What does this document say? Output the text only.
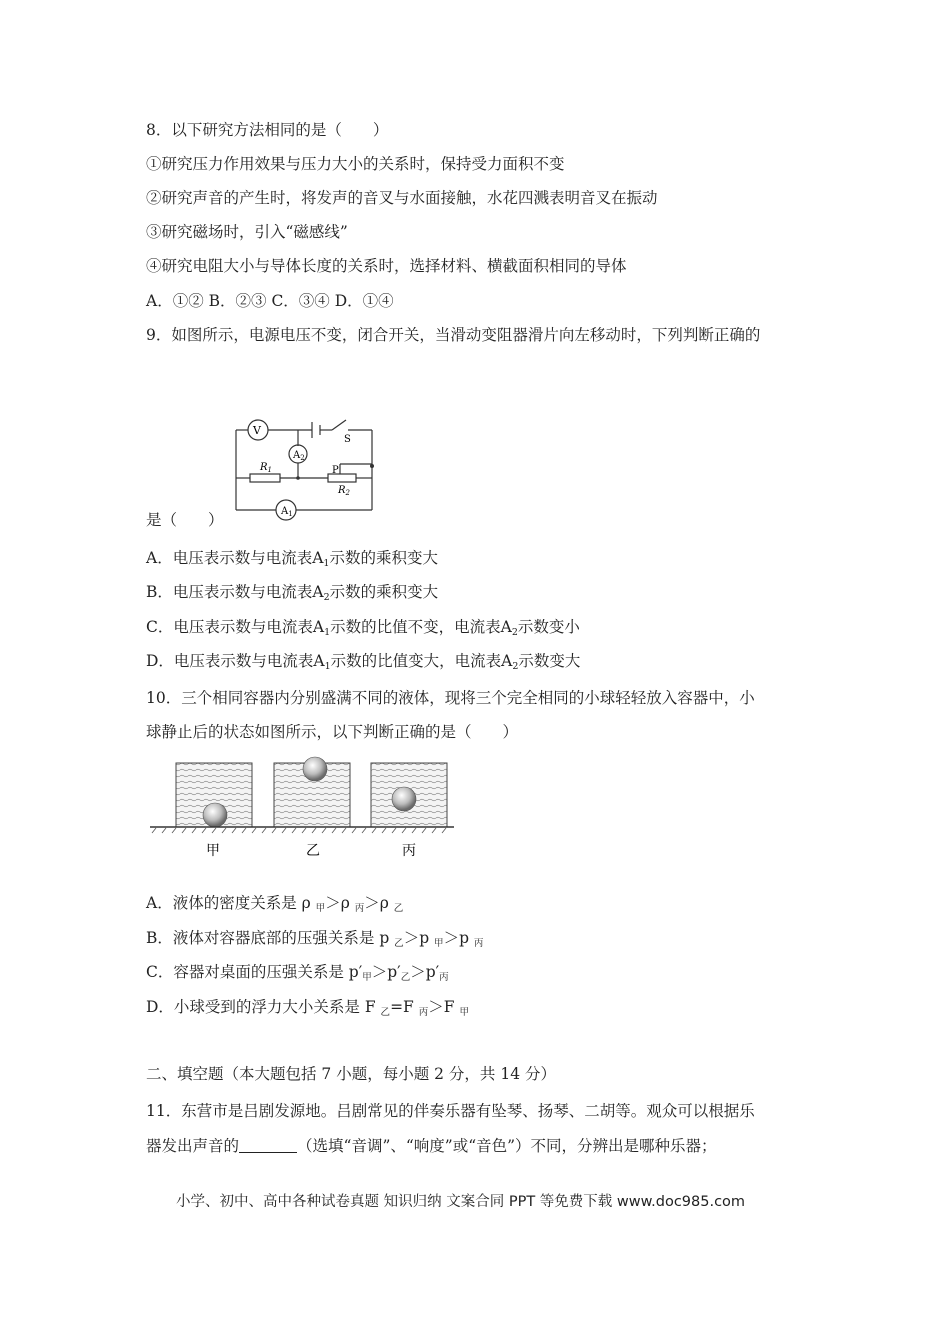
8．以下研究方法相同的是（　　）
①研究压力作用效果与压力大小的关系时，保持受力面积不变
②研究声音的产生时，将发声的音叉与水面接触，水花四溅表明音叉在振动
③研究磁场时，引入“磁感线”
④研究电阻大小与导体长度的关系时，选择材料、横截面积相同的导体
A．①② B．②③ C．③④ D．①④
9．如图所示，电源电压不变，闭合开关，当滑动变阻器滑片向左移动时，下列判断正确的
V
$A_2$
$A_1$
S
$R_1$
$R_2$
P
是（　　）
A．电压表示数与电流表$A_1$示数的乘积变大
B．电压表示数与电流表$A_2$示数的乘积变大
C．电压表示数与电流表$A_1$示数的比值不变，电流表$A_2$示数变小
D．电压表示数与电流表$A_1$示数的比值变大，电流表$A_2$示数变大
10．三个相同容器内分别盛满不同的液体，现将三个完全相同的小球轻轻放入容器中，小
球静止后的状态如图所示，以下判断正确的是（　　）
甲	乙	丙
A．液体的密度关系是 ρ $_甲$＞ρ $_丙$＞ρ $_乙$
B．液体对容器底部的压强关系是 p $_乙$＞p $_甲$＞p $_丙$
C．容器对桌面的压强关系是 $p'_甲>p'_乙>p'_丙$
D．小球受到的浮力大小关系是 F $_乙$=F $_丙$＞F $_甲$
二、填空题（本大题包括 7 小题，每小题 2 分，共 14 分）
11．东营市是吕剧发源地。吕剧常见的伴奏乐器有坠琴、扬琴、二胡等。观众可以根据乐
器发出声音的	（选填“音调”、“响度”或“音色”）不同，分辨出是哪种乐器；
小学、初中、高中各种试卷真题 知识归纳 文案合同 PPT 等免费下载 www.doc985.com
